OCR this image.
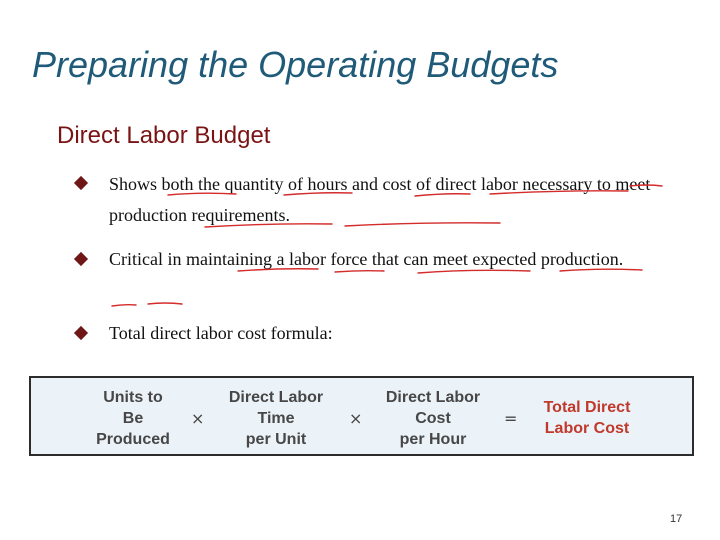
Preparing the Operating Budgets
Direct Labor Budget
Shows both the quantity of hours and cost of direct labor necessary to meet production requirements.
Critical in maintaining a labor force that can meet expected production.
Total direct labor cost formula:
Units to
Be
Produced
×
Direct Labor
Time
per Unit
×
Direct Labor
Cost
per Hour
=
Total Direct
Labor Cost
17
